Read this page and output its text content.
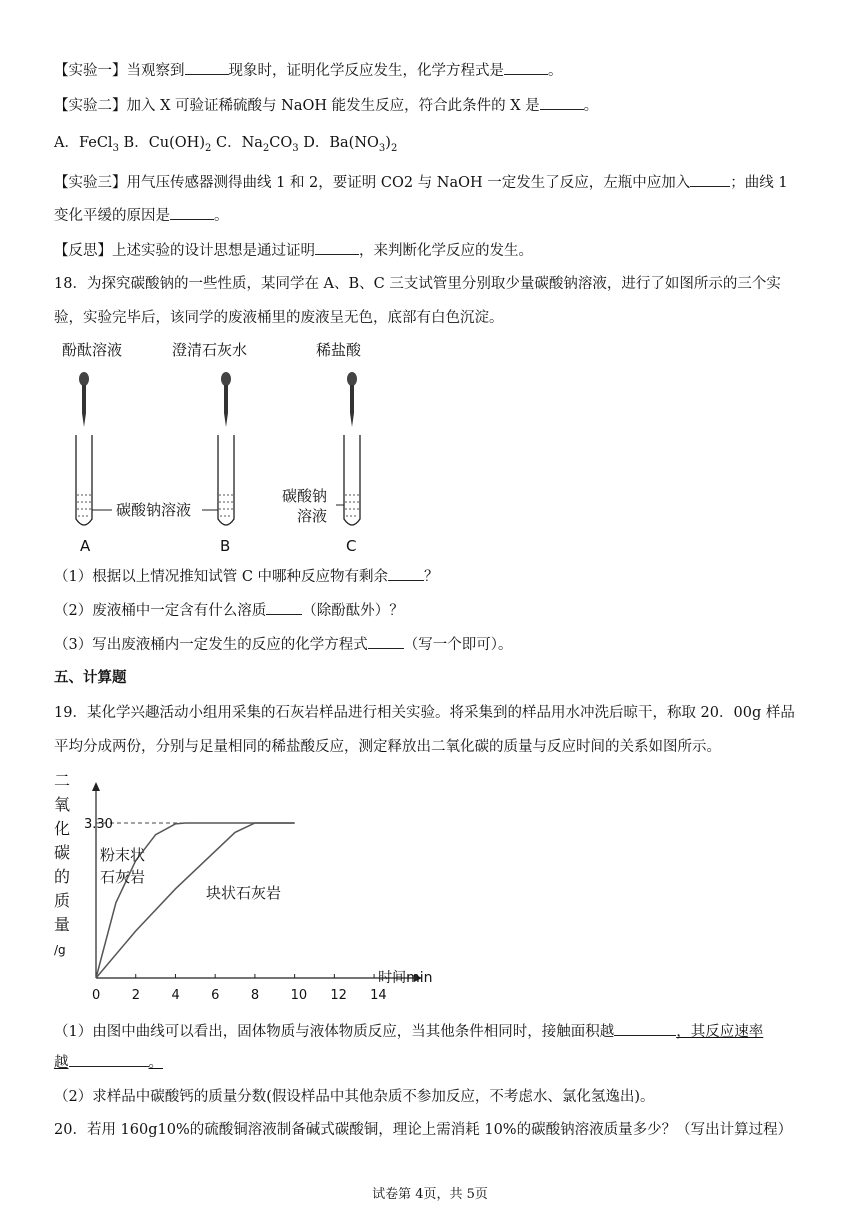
【实验一】当观察到	现象时，证明化学反应发生，化学方程式是	。
【实验二】加入 X 可验证稀硫酸与 NaOH 能发生反应，符合此条件的 X 是	。
A．FeCl$_3$ B．$Cu(OH)_2$ C．$Na_2CO_3$ D．$Ba(NO_3)_2$
【实验三】用气压传感器测得曲线 1 和 2，要证明 CO2 与 NaOH 一定发生了反应，左瓶中应加入	；曲线 1
变化平缓的原因是	。
【反思】上述实验的设计思想是通过证明	，来判断化学反应的发生。
18．为探究碳酸钠的一些性质，某同学在 A、B、C 三支试管里分别取少量碳酸钠溶液，进行了如图所示的三个实
验，实验完毕后，该同学的废液桶里的废液呈无色，底部有白色沉淀。
酚酞溶液	澄清石灰水	稀盐酸
碳酸钠溶液
碳酸钠
溶液
A	B	C
（1）根据以上情况推知试管 C 中哪种反应物有剩余 ？
（2）废液桶中一定含有什么溶质 （除酚酞外）？
（3）写出废液桶内一定发生的反应的化学方程式 （写一个即可）。
五、计算题
19．某化学兴趣活动小组用采集的石灰岩样品进行相关实验。将采集到的样品用水冲洗后晾干，称取 20．00g 样品
平均分成两份，分别与足量相同的稀盐酸反应，测定释放出二氧化碳的质量与反应时间的关系如图所示。
二
氧
化
碳
的
质
量
/g
3.30
0 2 4 6 8 10 12 14
时间min
粉末状
石灰岩
块状石灰岩
（1）由图中曲线可以看出，固体物质与液体物质反应，当其他条件相同时，接触面积越	，其反应速率
越	。
（2）求样品中碳酸钙的质量分数(假设样品中其他杂质不参加反应，不考虑水、氯化氢逸出)。
20．若用 160g10%的硫酸铜溶液制备碱式碳酸铜，理论上需消耗 10%的碳酸钠溶液质量多少？（写出计算过程）
试卷第 4页，共 5页
